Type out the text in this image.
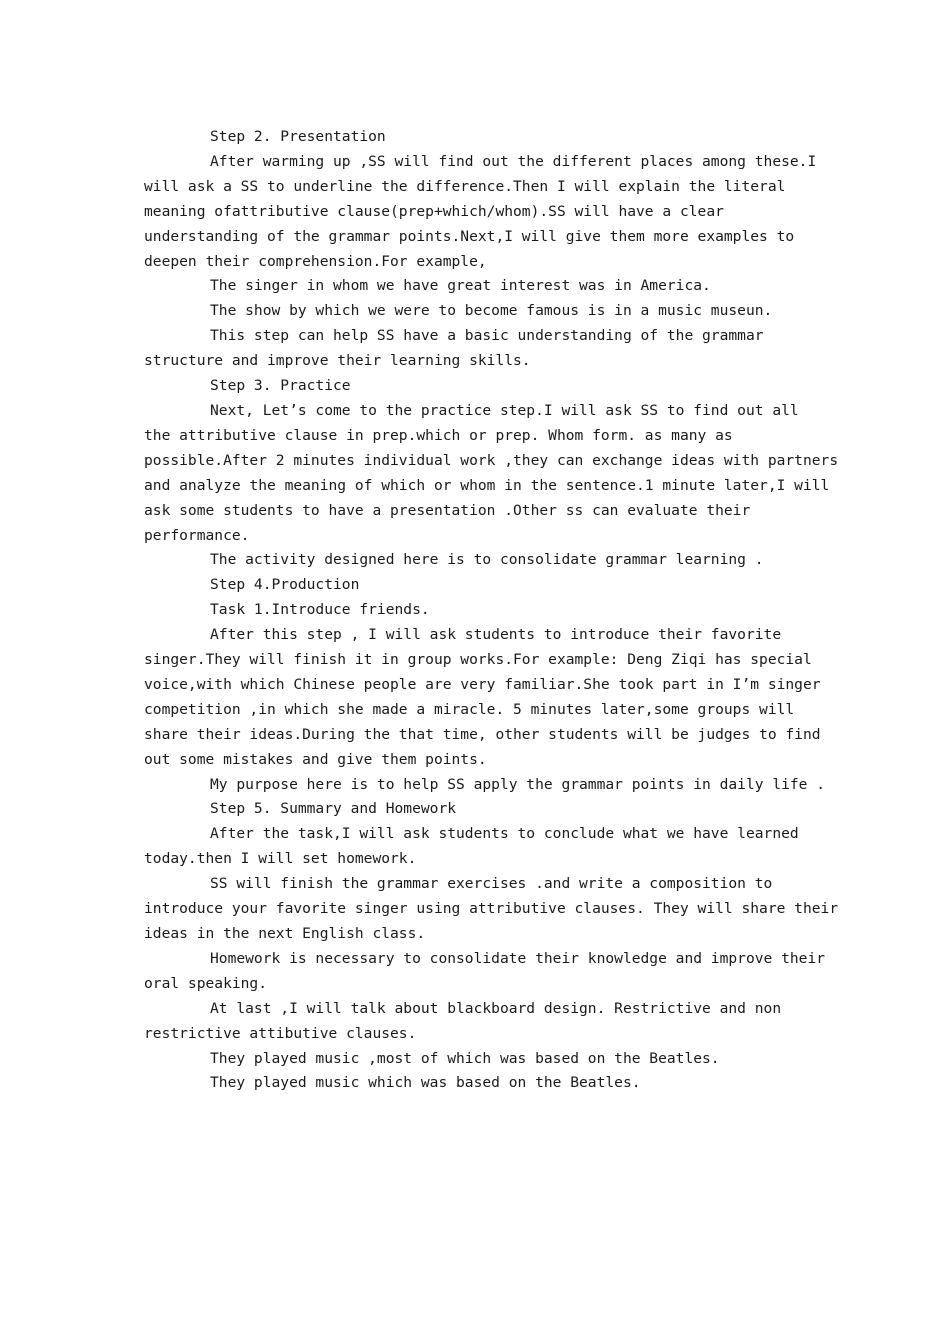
Step 2. Presentation
After warming up ,SS will find out the different places among these.I
will ask a SS to underline the difference.Then I will explain the literal
meaning ofattributive clause(prep+which/whom).SS will have a clear
understanding of the grammar points.Next,I will give them more examples to
deepen their comprehension.For example,
The singer in whom we have great interest was in America.
The show by which we were to become famous is in a music museun.
This step can help SS have a basic understanding of the grammar
structure and improve their learning skills.
Step 3. Practice
Next, Let’s come to the practice step.I will ask SS to find out all
the attributive clause in prep.which or prep. Whom form. as many as
possible.After 2 minutes individual work ,they can exchange ideas with partners
and analyze the meaning of which or whom in the sentence.1 minute later,I will
ask some students to have a presentation .Other ss can evaluate their
performance.
The activity designed here is to consolidate grammar learning .
Step 4.Production
Task 1.Introduce friends.
After this step , I will ask students to introduce their favorite
singer.They will finish it in group works.For example: Deng Ziqi has special
voice,with which Chinese people are very familiar.She took part in I’m singer
competition ,in which she made a miracle. 5 minutes later,some groups will
share their ideas.During the that time, other students will be judges to find
out some mistakes and give them points.
My purpose here is to help SS apply the grammar points in daily life .
Step 5. Summary and Homework
After the task,I will ask students to conclude what we have learned
today.then I will set homework.
SS will finish the grammar exercises .and write a composition to
introduce your favorite singer using attributive clauses. They will share their
ideas in the next English class.
Homework is necessary to consolidate their knowledge and improve their
oral speaking.
At last ,I will talk about blackboard design. Restrictive and non
restrictive attibutive clauses.
They played music ,most of which was based on the Beatles.
They played music which was based on the Beatles.
